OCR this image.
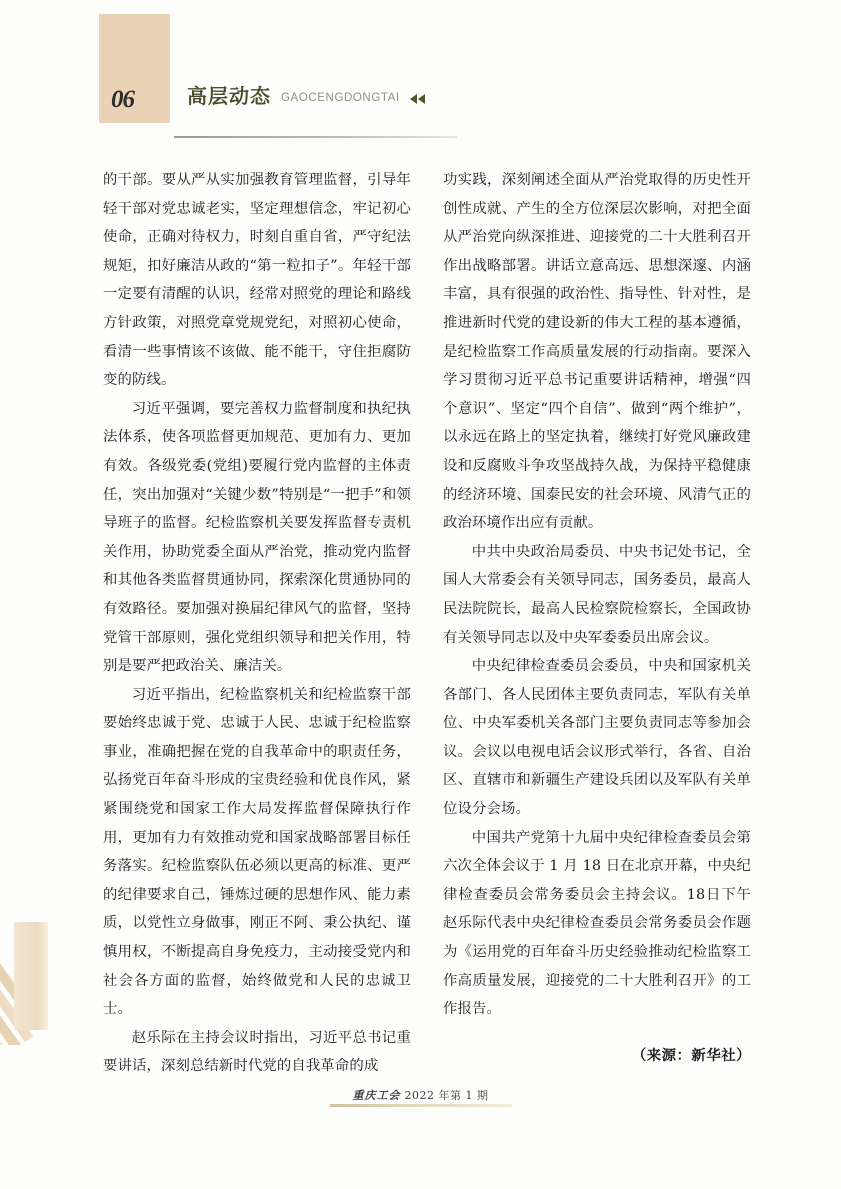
06	高层动态 GAOCENGDONGTAI

的干部。要从严从实加强教育管理监督，引导年轻干部对党忠诚老实，坚定理想信念，牢记初心使命，正确对待权力，时刻自重自省，严守纪法规矩，扣好廉洁从政的“第一粒扣子”。年轻干部一定要有清醒的认识，经常对照党的理论和路线方针政策，对照党章党规党纪，对照初心使命，看清一些事情该不该做、能不能干，守住拒腐防变的防线。

习近平强调，要完善权力监督制度和执纪执法体系，使各项监督更加规范、更加有力、更加有效。各级党委(党组)要履行党内监督的主体责任，突出加强对“关键少数”特别是“一把手”和领导班子的监督。纪检监察机关要发挥监督专责机关作用，协助党委全面从严治党，推动党内监督和其他各类监督贯通协同，探索深化贯通协同的有效路径。要加强对换届纪律风气的监督，坚持党管干部原则，强化党组织领导和把关作用，特别是要严把政治关、廉洁关。

习近平指出，纪检监察机关和纪检监察干部要始终忠诚于党、忠诚于人民、忠诚于纪检监察事业，准确把握在党的自我革命中的职责任务，弘扬党百年奋斗形成的宝贵经验和优良作风，紧紧围绕党和国家工作大局发挥监督保障执行作用，更加有力有效推动党和国家战略部署目标任务落实。纪检监察队伍必须以更高的标准、更严的纪律要求自己，锤炼过硬的思想作风、能力素质，以党性立身做事，刚正不阿、秉公执纪、谨慎用权，不断提高自身免疫力，主动接受党内和社会各方面的监督，始终做党和人民的忠诚卫士。

赵乐际在主持会议时指出，习近平总书记重要讲话，深刻总结新时代党的自我革命的成

功实践，深刻阐述全面从严治党取得的历史性开创性成就、产生的全方位深层次影响，对把全面从严治党向纵深推进、迎接党的二十大胜利召开作出战略部署。讲话立意高远、思想深邃、内涵丰富，具有很强的政治性、指导性、针对性，是推进新时代党的建设新的伟大工程的基本遵循，是纪检监察工作高质量发展的行动指南。要深入学习贯彻习近平总书记重要讲话精神，增强“四个意识”、坚定“四个自信”、做到“两个维护”，以永远在路上的坚定执着，继续打好党风廉政建设和反腐败斗争攻坚战持久战，为保持平稳健康的经济环境、国泰民安的社会环境、风清气正的政治环境作出应有贡献。

中共中央政治局委员、中央书记处书记，全国人大常委会有关领导同志，国务委员，最高人民法院院长，最高人民检察院检察长，全国政协有关领导同志以及中央军委委员出席会议。

中央纪律检查委员会委员，中央和国家机关各部门、各人民团体主要负责同志，军队有关单位、中央军委机关各部门主要负责同志等参加会议。会议以电视电话会议形式举行，各省、自治区、直辖市和新疆生产建设兵团以及军队有关单位设分会场。

中国共产党第十九届中央纪律检查委员会第六次全体会议于 1 月 18 日在北京开幕，中央纪律检查委员会常务委员会主持会议。18日下午赵乐际代表中央纪律检查委员会常务委员会作题为《运用党的百年奋斗历史经验推动纪检监察工作高质量发展，迎接党的二十大胜利召开》的工作报告。

（来源：新华社）

重庆工会 2022 年第 1 期
